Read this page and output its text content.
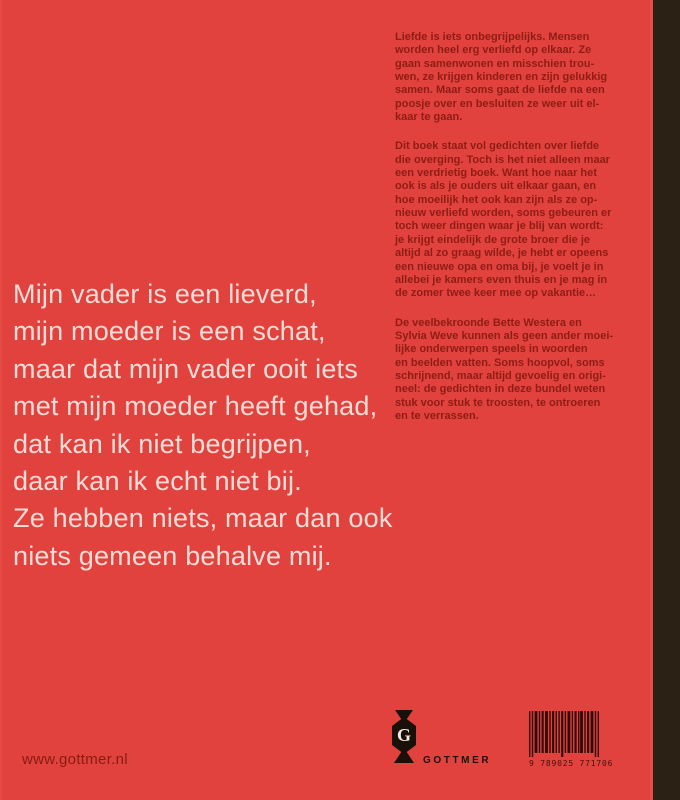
Mijn vader is een lieverd,
mijn moeder is een schat,
maar dat mijn vader ooit iets
met mijn moeder heeft gehad,
dat kan ik niet begrijpen,
daar kan ik echt niet bij.
Ze hebben niets, maar dan ook
niets gemeen behalve mij.
Liefde is iets onbegrijpelijks. Mensen
worden heel erg verliefd op elkaar. Ze
gaan samenwonen en misschien trou-
wen, ze krijgen kinderen en zijn gelukkig
samen. Maar soms gaat de liefde na een
poosje over en besluiten ze weer uit el-
kaar te gaan.
Dit boek staat vol gedichten over liefde
die overging. Toch is het niet alleen maar
een verdrietig boek. Want hoe naar het
ook is als je ouders uit elkaar gaan, en
hoe moeilijk het ook kan zijn als ze op-
nieuw verliefd worden, soms gebeuren er
toch weer dingen waar je blij van wordt:
je krijgt eindelijk de grote broer die je
altijd al zo graag wilde, je hebt er opeens
een nieuwe opa en oma bij, je voelt je in
allebei je kamers even thuis en je mag in
de zomer twee keer mee op vakantie…
De veelbekroonde Bette Westera en
Sylvia Weve kunnen als geen ander moei-
lijke onderwerpen speels in woorden
en beelden vatten. Soms hoopvol, soms
schrijnend, maar altijd gevoelig en origi-
neel: de gedichten in deze bundel weten
stuk voor stuk te troosten, te ontroeren
en te verrassen.
www.gottmer.nl
G
GOTTMER	9 789025 771706
